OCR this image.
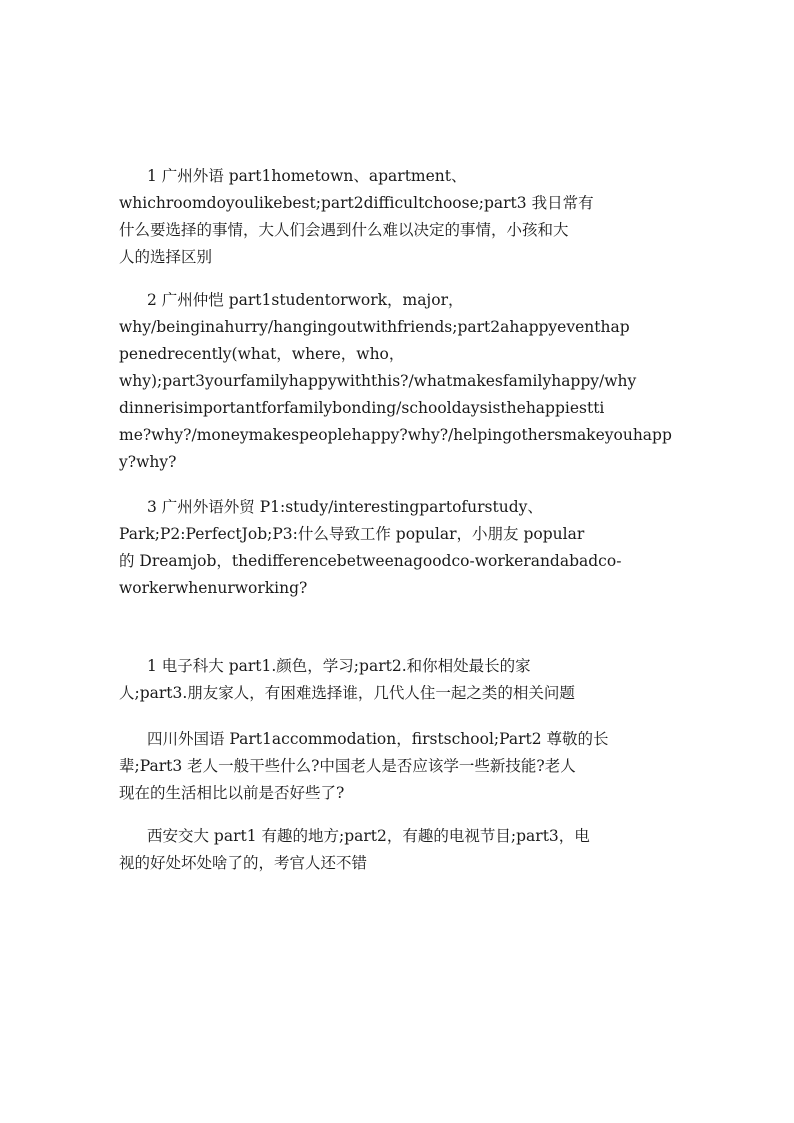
1 广州外语 part1hometown、apartment、
whichroomdoyoulikebest;part2difficultchoose;part3 我日常有
什么要选择的事情，大人们会遇到什么难以决定的事情，小孩和大
人的选择区别
2 广州仲恺 part1studentorwork，major，
why/beinginahurry/hangingoutwithfriends;part2ahappyeventhap
penedrecently(what，where，who，
why);part3yourfamilyhappywiththis?/whatmakesfamilyhappy/why
dinnerisimportantforfamilybonding/schooldaysisthehappiestti
me?why?/moneymakespeoplehappy?why?/helpingothersmakeyouhapp
y?why?
3 广州外语外贸 P1:study/interestingpartofurstudy、
Park;P2:PerfectJob;P3:什么导致工作 popular，小朋友 popular
的 Dreamjob，thedifferencebetweenagoodco-workerandabadco-
workerwhenurworking?
1 电子科大 part1.颜色，学习;part2.和你相处最长的家
人;part3.朋友家人，有困难选择谁，几代人住一起之类的相关问题
四川外国语 Part1accommodation，firstschool;Part2 尊敬的长
辈;Part3 老人一般干些什么?中国老人是否应该学一些新技能?老人
现在的生活相比以前是否好些了?
西安交大 part1 有趣的地方;part2，有趣的电视节目;part3，电
视的好处坏处啥了的，考官人还不错
